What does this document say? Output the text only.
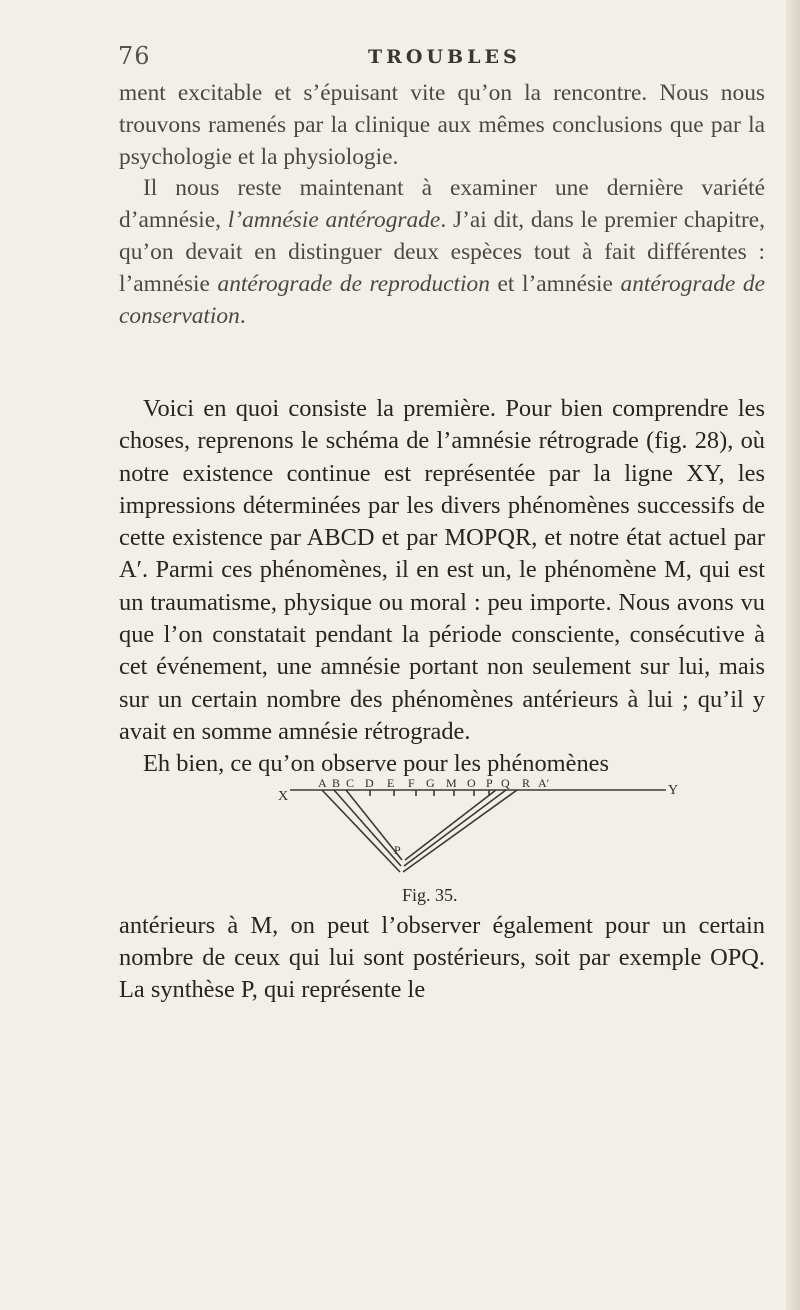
76	TROUBLES

ment excitable et s’épuisant vite qu’on la rencontre. Nous nous trouvons ramenés par la clinique aux mêmes conclusions que par la psychologie et la physiologie.

Il nous reste maintenant à examiner une dernière variété d’amnésie, l’amnésie antérograde. J’ai dit, dans le premier chapitre, qu’on devait en distinguer deux espèces tout à fait différentes : l’amnésie antérograde de reproduction et l’amnésie antérograde de conservation.

Voici en quoi consiste la première. Pour bien comprendre les choses, reprenons le schéma de l’amnésie rétrograde (fig. 28), où notre existence continue est représentée par la ligne XY, les impressions déterminées par les divers phénomènes successifs de cette existence par ABCD et par MOPQR, et notre état actuel par A′. Parmi ces phénomènes, il en est un, le phénomène M, qui est un traumatisme, physique ou moral : peu importe. Nous avons vu que l’on constatait pendant la période consciente, consécutive à cet événement, une amnésie portant non seulement sur lui, mais sur un certain nombre des phénomènes antérieurs à lui ; qu’il y avait en somme amnésie rétrograde.

Eh bien, ce qu’on observe pour les phénomènes

X	Y
A B C D E F G M O P Q R A′
P
Fig. 35.

antérieurs à M, on peut l’observer également pour un certain nombre de ceux qui lui sont postérieurs, soit par exemple OPQ. La synthèse P, qui représente le
